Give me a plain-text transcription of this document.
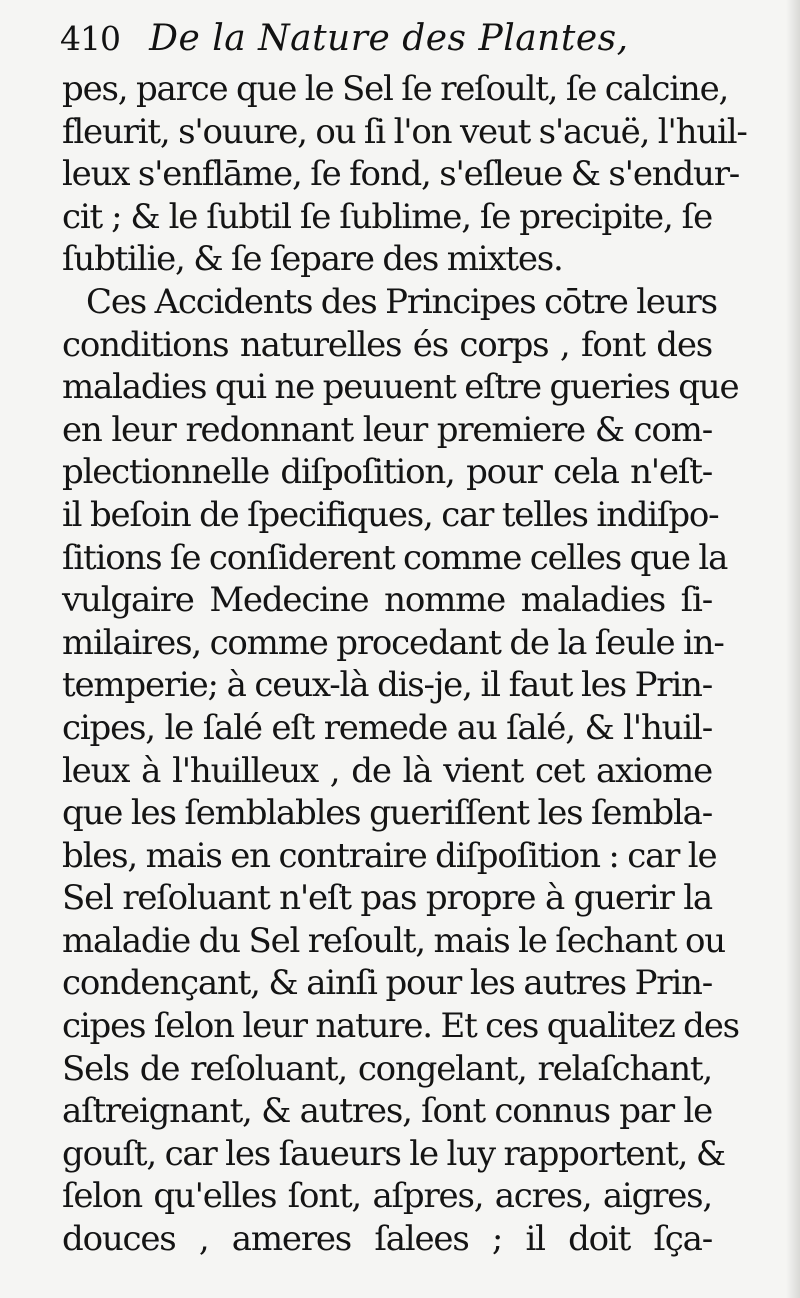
410 De la Nature des Plantes,
pes, parce que le Sel ſe reſoult, ſe calcine,
fleurit, s'ouure, ou ſi l'on veut s'acuë, l'huil-
leux s'enflāme, ſe fond, s'eſleue & s'endur-
cit ; & le ſubtil ſe ſublime, ſe precipite, ſe
ſubtilie, & ſe ſepare des mixtes.
Ces Accidents des Principes cōtre leurs
conditions naturelles és corps , font des
maladies qui ne peuuent eſtre gueries que
en leur redonnant leur premiere & com-
plectionnelle diſpoſition, pour cela n'eſt-
il beſoin de ſpecifiques, car telles indiſpo-
ſitions ſe conſiderent comme celles que la
vulgaire Medecine nomme maladies ſi-
milaires, comme procedant de la ſeule in-
temperie; à ceux-là dis-je, il faut les Prin-
cipes, le ſalé eſt remede au ſalé, & l'huil-
leux à l'huilleux , de là vient cet axiome
que les ſemblables gueriſſent les ſembla-
bles, mais en contraire diſpoſition : car le
Sel reſoluant n'eſt pas propre à guerir la
maladie du Sel reſoult, mais le ſechant ou
condençant, & ainſi pour les autres Prin-
cipes ſelon leur nature. Et ces qualitez des
Sels de reſoluant, congelant, relaſchant,
aſtreignant, & autres, ſont connus par le
gouſt, car les ſaueurs le luy rapportent, &
ſelon qu'elles ſont, aſpres, acres, aigres,
douces , ameres ſalees ; il doit ſça-
